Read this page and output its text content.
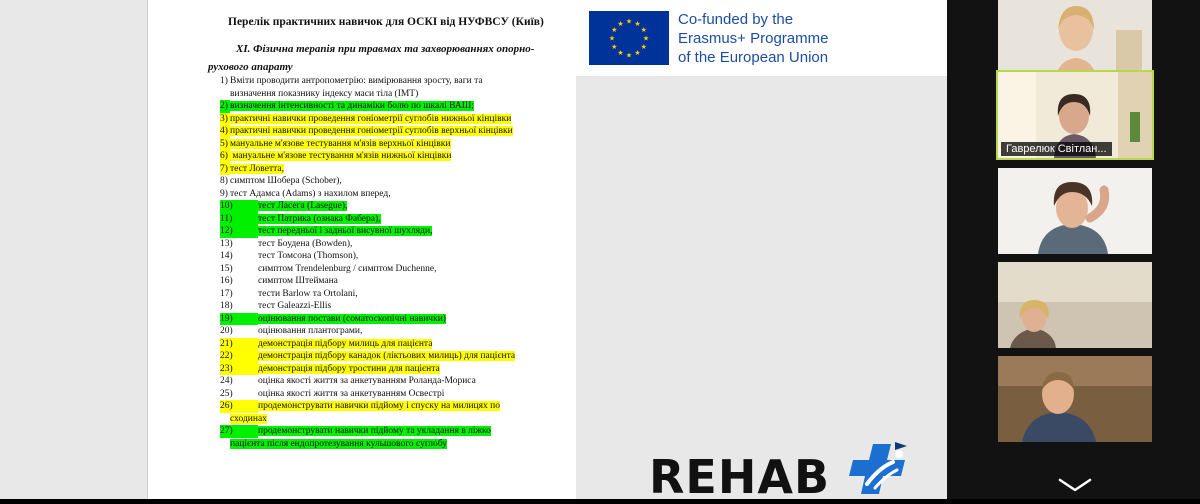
Перелік практичних навичок для ОСКІ від НУФВСУ (Київ)
XI. Фізична терапія при травмах та захворюваннях опорно-
рухового апарату
1) Вміти проводити антропометрію: вимірювання зросту, ваги та
визначення показнику індексу маси тіла (ІМТ)
2) визначення інтенсивності та динаміки болю по шкалі ВАШ;
3) практичні навички проведення гоніометрії суглобів нижньої кінцівки
4) практичні навички проведення гоніометрії суглобів верхньої кінцівки
5) мануальне м'язове тестування м'язів верхньої кінцівки
6) мануальне м'язове тестування м'язів нижньої кінцівки
7) тест Ловетта,
8) симптом Шобера (Schober),
9) тест Адамса (Adams) з нахилом вперед,
10)	тест Ласега (Lasegue),
11)	тест Патрика (ознака Фабера),
12)	тест передньої і задньої висувної шухляди,
13)	тест Боудена (Bowden),
14)	тест Томсона (Thomson),
15)	симптом Trendelenburg / симптом Duchenne,
16)	симптом Штеймана
17)	тести Barlow та Ortolani,
18)	тест Galeazzi-Ellis
19)	оцінювання постави (соматоскопічні навички)
20)	оцінювання плантограми,
21)	демонстрація підбору милиць для пацієнта
22)	демонстрація підбору канадок (ліктьових милиць) для пацієнта
23)	демонстрація підбору тростини для пацієнта
24)	оцінка якості життя за анкетуванням Роланда-Мориса
25)	оцінка якості життя за анкетуванням Освестрі
26)	продемонструвати навички підйому і спуску на милицях по
сходинах
27)	продемонструвати навички підйому та укладання в ліжко
пацієнта після ендопротезування кульшового суглобу
★ ★
★
★
★
★
★
★
★
★
★
★	Co-funded by the
Erasmus+ Programme
of the European Union
REHAB
Гаврелюк Світлан...
